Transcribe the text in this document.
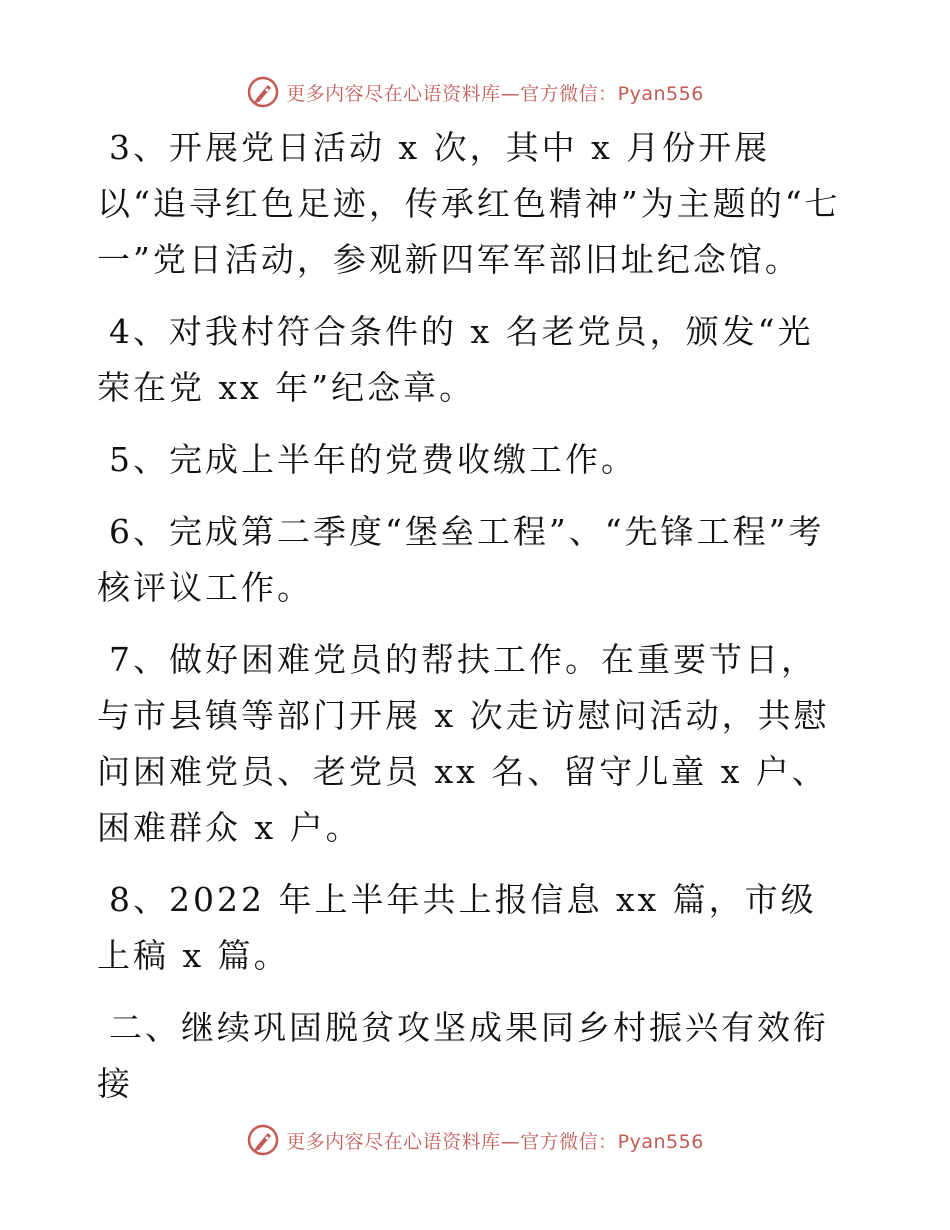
更多内容尽在心语资料库—官方微信：Pyan556

3、开展党日活动 x 次，其中 x 月份开展以“追寻红色足迹，传承红色精神”为主题的“七一”党日活动，参观新四军军部旧址纪念馆。

4、对我村符合条件的 x 名老党员，颁发“光荣在党 xx 年”纪念章。

5、完成上半年的党费收缴工作。

6、完成第二季度“堡垒工程”、“先锋工程”考核评议工作。

7、做好困难党员的帮扶工作。在重要节日，与市县镇等部门开展 x 次走访慰问活动，共慰问困难党员、老党员 xx 名、留守儿童 x 户、困难群众 x 户。

8、2022 年上半年共上报信息 xx 篇，市级上稿 x 篇。

二、继续巩固脱贫攻坚成果同乡村振兴有效衔接

更多内容尽在心语资料库—官方微信：Pyan556
